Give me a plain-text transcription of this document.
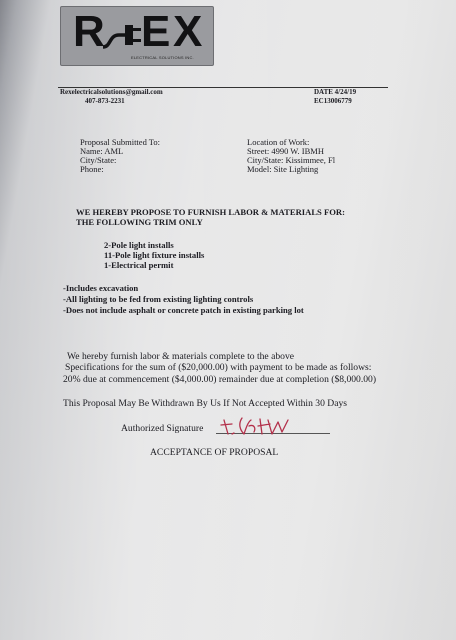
R E X
ELECTRICAL SOLUTIONS INC.
Rexelectricalsolutions@gmail.com
407-873-2231
DATE 4/24/19
EC13006779
Proposal Submitted To:
Name: AML
City/State:
Phone:
Location of Work:
Street: 4990 W. IBMH
City/State: Kissimmee, Fl
Model: Site Lighting
WE HEREBY PROPOSE TO FURNISH LABOR & MATERIALS FOR:
THE FOLLOWING TRIM ONLY
2-Pole light installs
11-Pole light fixture installs
1-Electrical permit
-Includes excavation
-All lighting to be fed from existing lighting controls
-Does not include asphalt or concrete patch in existing parking lot
We hereby furnish labor & materials complete to the above
Specifications for the sum of ($20,000.00) with payment to be made as follows:
20% due at commencement ($4,000.00) remainder due at completion ($8,000.00)
This Proposal May Be Withdrawn By Us If Not Accepted Within 30 Days
Authorized Signature
ACCEPTANCE OF PROPOSAL
